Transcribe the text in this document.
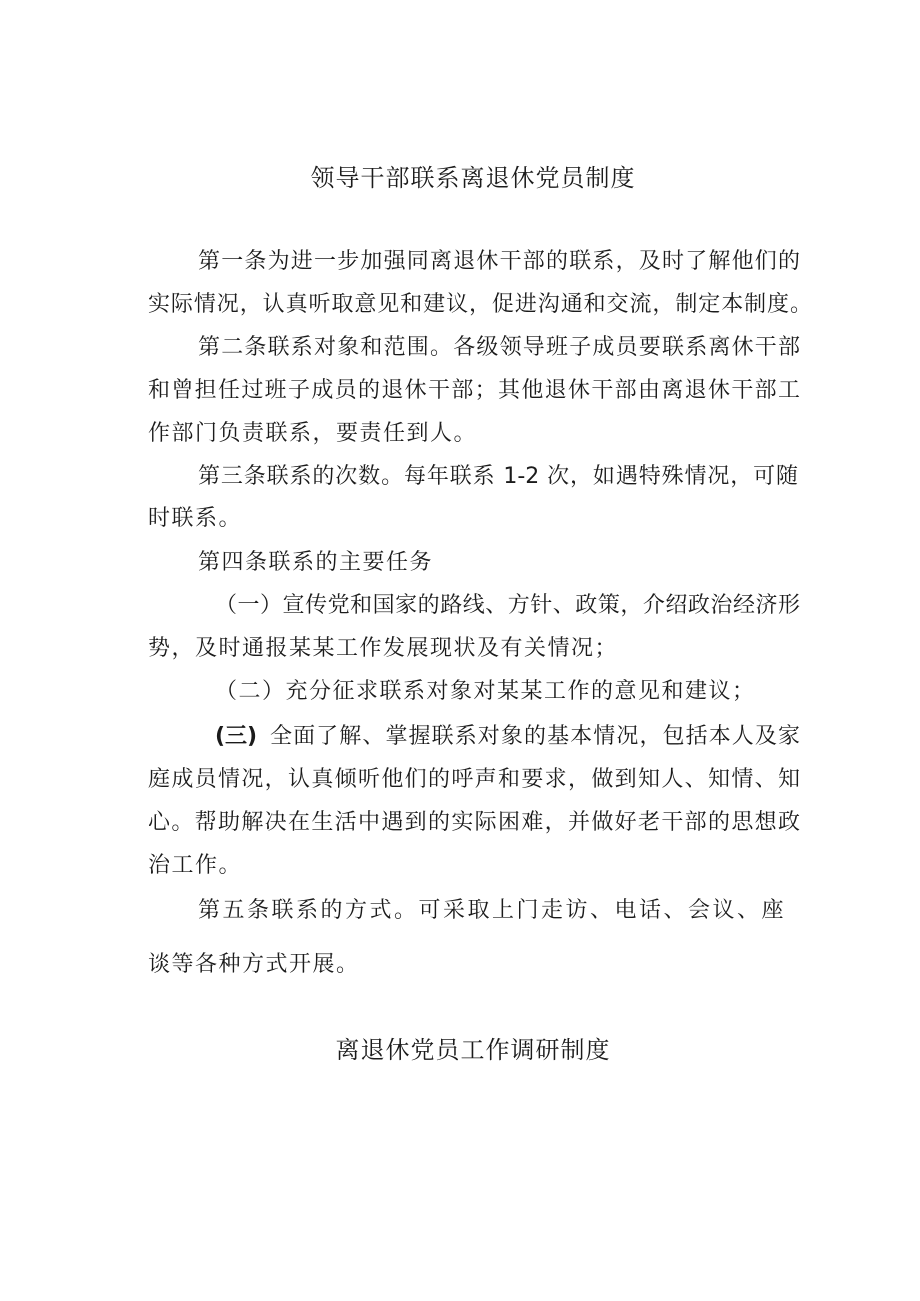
领导干部联系离退休党员制度
第一条为进一步加强同离退休干部的联系，及时了解他们的
实际情况，认真听取意见和建议，促进沟通和交流，制定本制度。
第二条联系对象和范围。各级领导班子成员要联系离休干部
和曾担任过班子成员的退休干部；其他退休干部由离退休干部工
作部门负责联系，要责任到人。
第三条联系的次数。每年联系 1-2 次，如遇特殊情况，可随
时联系。
第四条联系的主要任务
（一）宣传党和国家的路线、方针、政策，介绍政治经济形
势，及时通报某某工作发展现状及有关情况；
（二）充分征求联系对象对某某工作的意见和建议；
(三) 全面了解、掌握联系对象的基本情况，包括本人及家
庭成员情况，认真倾听他们的呼声和要求，做到知人、知情、知
心。帮助解决在生活中遇到的实际困难，并做好老干部的思想政
治工作。
第五条联系的方式。可采取上门走访、电话、会议、座
谈等各种方式开展。
离退休党员工作调研制度
